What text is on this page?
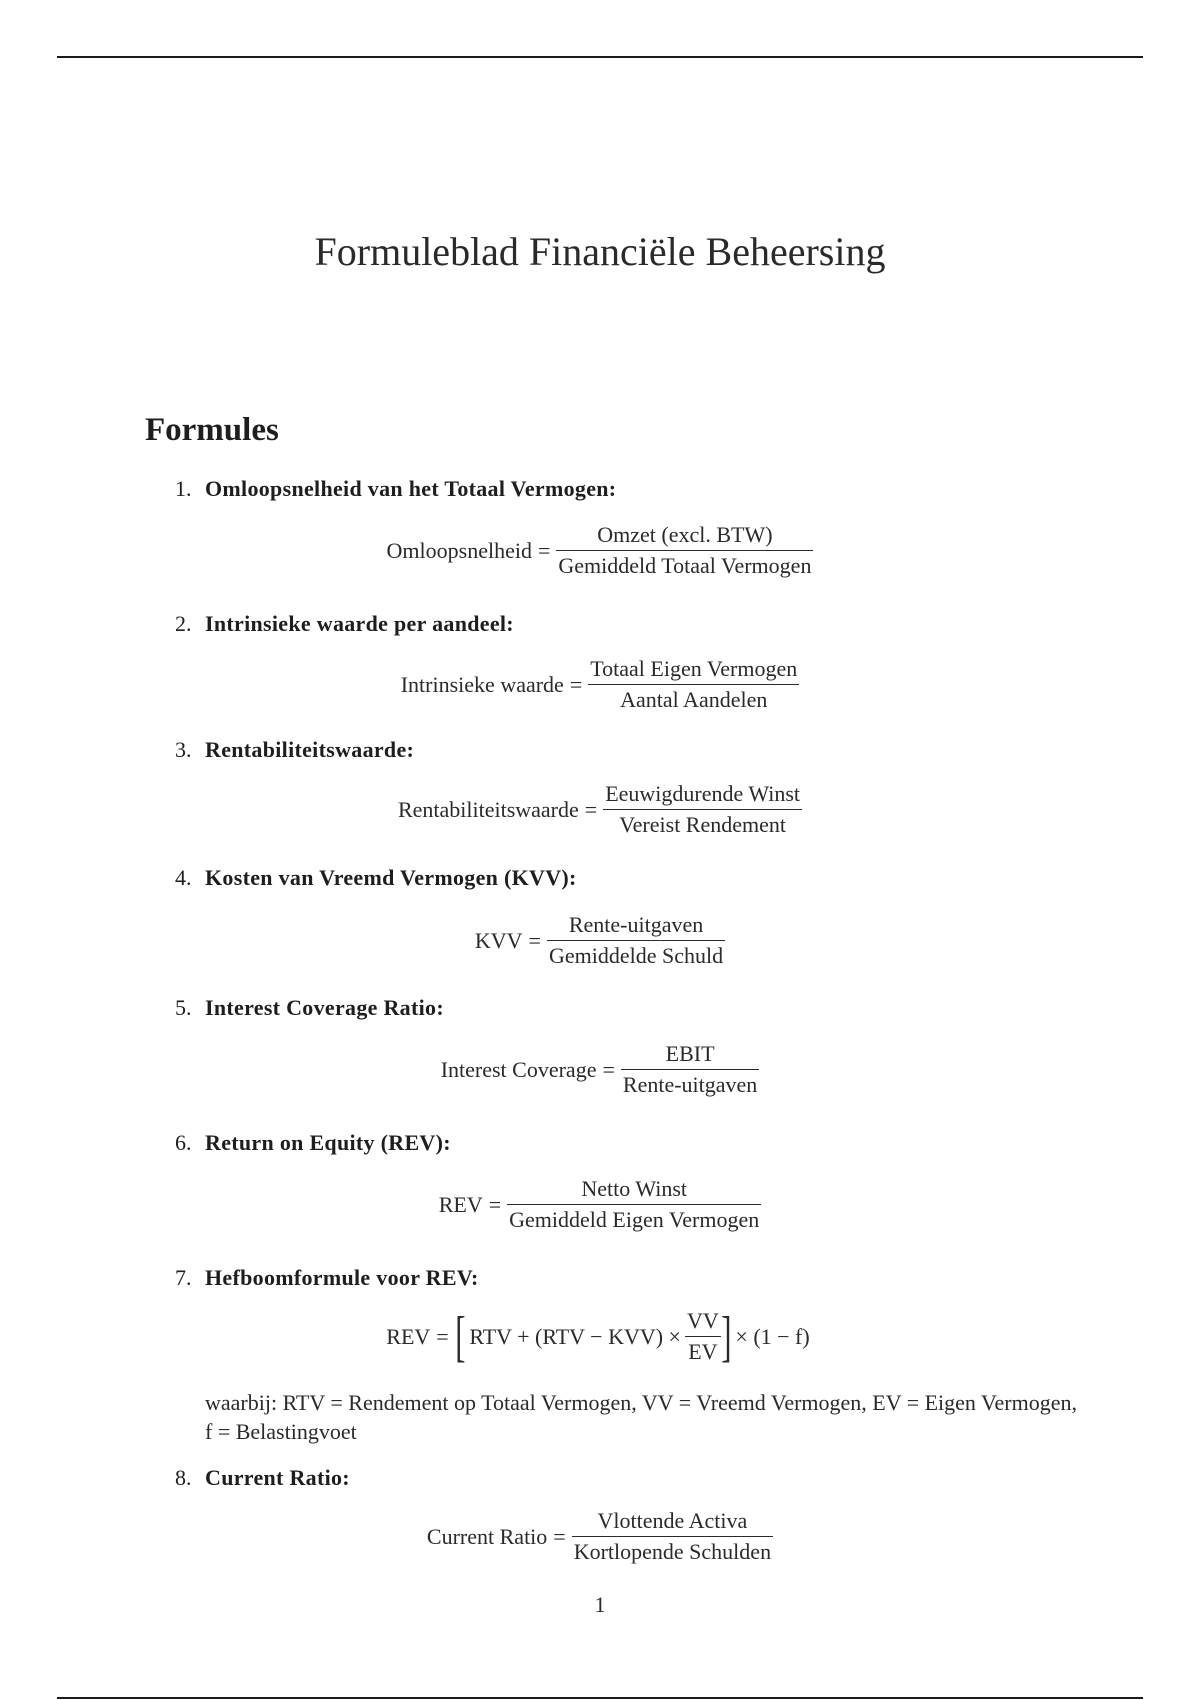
Formuleblad Financiële Beheersing
Formules
1. Omloopsnelheid van het Totaal Vermogen:
Omloopsnelheid = $\frac{\text{Omzet (excl. BTW)}}{\text{Gemiddeld Totaal Vermogen}}$
2. Intrinsieke waarde per aandeel:
Intrinsieke waarde = $\frac{\text{Totaal Eigen Vermogen}}{\text{Aantal Aandelen}}$
3. Rentabiliteitswaarde:
Rentabiliteitswaarde = $\frac{\text{Eeuwigdurende Winst}}{\text{Vereist Rendement}}$
4. Kosten van Vreemd Vermogen (KVV):
KVV = $\frac{\text{Rente-uitgaven}}{\text{Gemiddelde Schuld}}$
5. Interest Coverage Ratio:
Interest Coverage = $\frac{\text{EBIT}}{\text{Rente-uitgaven}}$
6. Return on Equity (REV):
REV = $\frac{\text{Netto Winst}}{\text{Gemiddeld Eigen Vermogen}}$
7. Hefboomformule voor REV:
REV = [ RTV + $(RTV - KVV) \times \frac{VV}{EV}$ ] × (1 − f)

waarbij: RTV = Rendement op Totaal Vermogen, VV = Vreemd Vermogen, EV = Eigen Vermogen, f = Belastingvoet

8. Current Ratio:
Current Ratio = $\frac{\text{Vlottende Activa}}{\text{Kortlopende Schulden}}$
1
